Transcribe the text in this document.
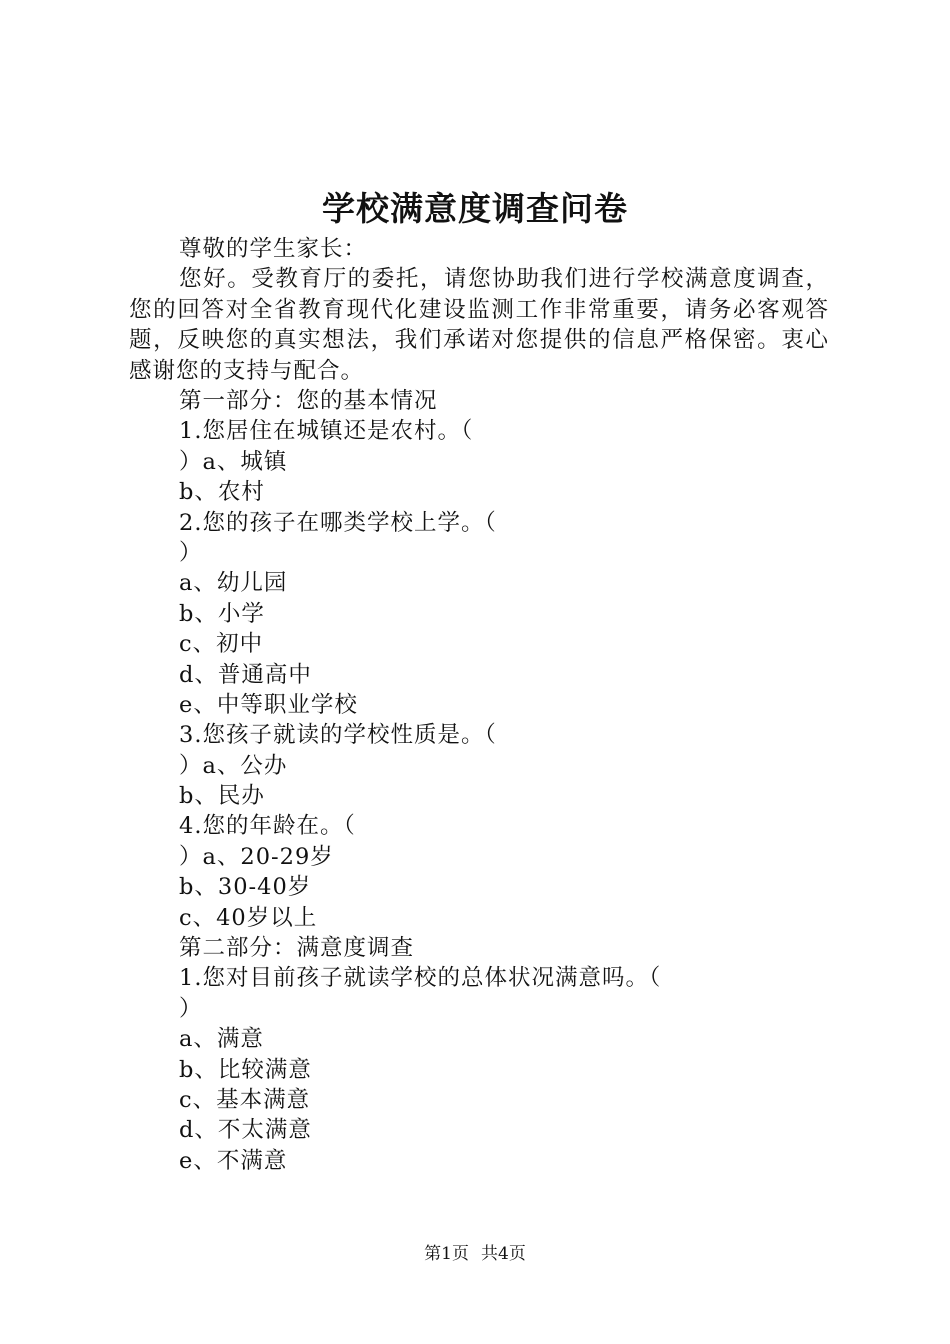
学校满意度调查问卷
尊敬的学生家长：
您好。受教育厅的委托，请您协助我们进行学校满意度调查，您的回答对全省教育现代化建设监测工作非常重要，请务必客观答题，反映您的真实想法，我们承诺对您提供的信息严格保密。衷心感谢您的支持与配合。
第一部分：您的基本情况
1.您居住在城镇还是农村。（
）a、城镇
b、农村
2.您的孩子在哪类学校上学。（
）
a、幼儿园
b、小学
c、初中
d、普通高中
e、中等职业学校
3.您孩子就读的学校性质是。（
）a、公办
b、民办
4.您的年龄在。（
）a、20-29岁
b、30-40岁
c、40岁以上
第二部分：满意度调查
1.您对目前孩子就读学校的总体状况满意吗。（
）
a、满意
b、比较满意
c、基本满意
d、不太满意
e、不满意
第1页 共4页
